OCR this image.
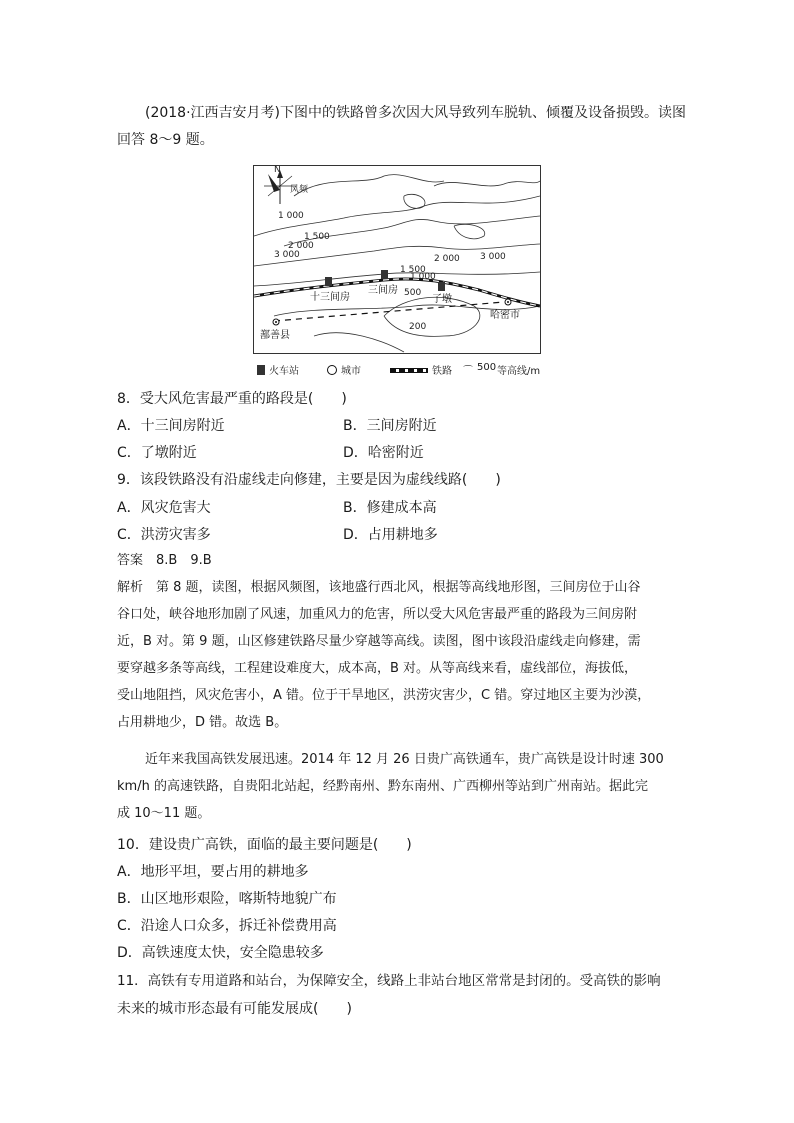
(2018·江西吉安月考)下图中的铁路曾多次因大风导致列车脱轨、倾覆及设备损毁。读图
回答 8～9 题。
N
风频
1 000
1 500
3 000
2 000
1 500
2 000 3 000
1 000
500
200
十三间房
三间房
了墩
鄯善县
哈密市
火车站	城市	铁路 ⌒ 500 等高线/m
8．受大风危害最严重的路段是(　　)
A．十三间房附近	B．三间房附近
C．了墩附近	D．哈密附近
9．该段铁路没有沿虚线走向修建，主要是因为虚线线路(　　)
A．风灾危害大	B．修建成本高
C．洪涝灾害多	D．占用耕地多
答案　8.B　9.B
解析　第 8 题，读图，根据风频图，该地盛行西北风，根据等高线地形图，三间房位于山谷
谷口处，峡谷地形加剧了风速，加重风力的危害，所以受大风危害最严重的路段为三间房附
近，B 对。第 9 题，山区修建铁路尽量少穿越等高线。读图，图中该段沿虚线走向修建，需
要穿越多条等高线，工程建设难度大，成本高，B 对。从等高线来看，虚线部位，海拔低，
受山地阻挡，风灾危害小，A 错。位于干旱地区，洪涝灾害少，C 错。穿过地区主要为沙漠，
占用耕地少，D 错。故选 B。
近年来我国高铁发展迅速。2014 年 12 月 26 日贵广高铁通车，贵广高铁是设计时速 300
km/h 的高速铁路，自贵阳北站起，经黔南州、黔东南州、广西柳州等站到广州南站。据此完
成 10～11 题。
10．建设贵广高铁，面临的最主要问题是(　　)
A．地形平坦，要占用的耕地多
B．山区地形艰险，喀斯特地貌广布
C．沿途人口众多，拆迁补偿费用高
D．高铁速度太快，安全隐患较多
11．高铁有专用道路和站台，为保障安全，线路上非站台地区常常是封闭的。受高铁的影响
未来的城市形态最有可能发展成(　　)
